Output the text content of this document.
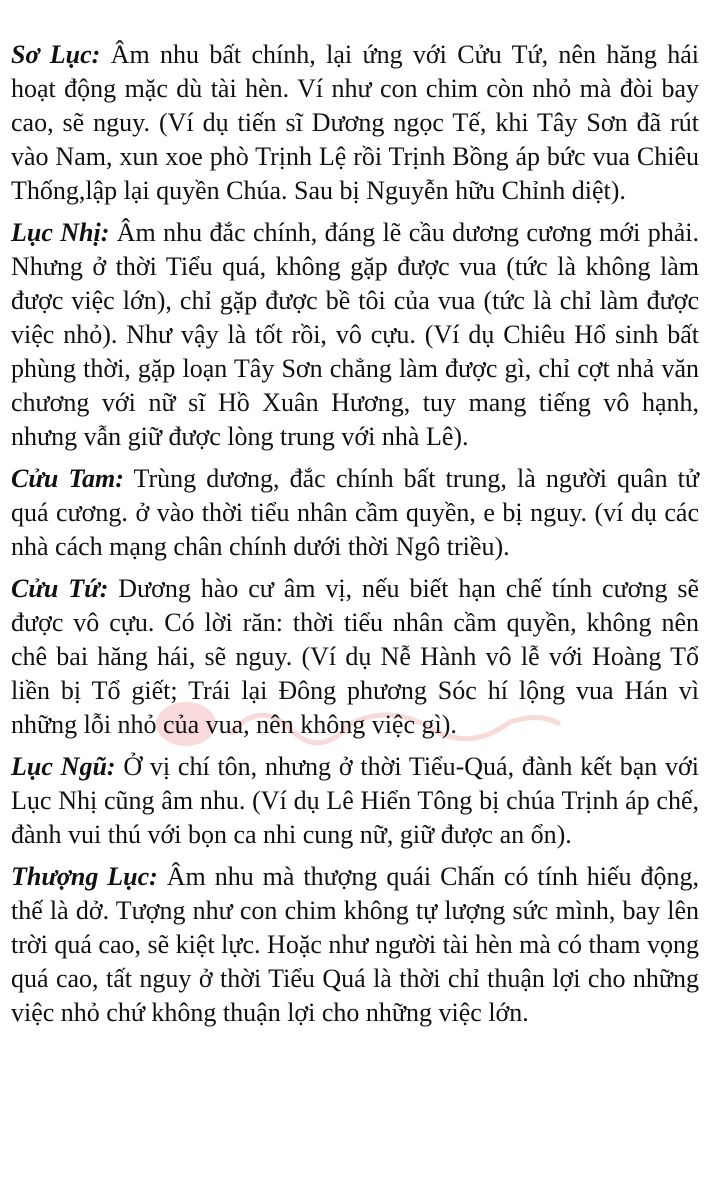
Sơ Lục: Âm nhu bất chính, lại ứng với Cửu Tứ, nên hăng hái hoạt động mặc dù tài hèn. Ví như con chim còn nhỏ mà đòi bay cao, sẽ nguy. (Ví dụ tiến sĩ Dương ngọc Tế, khi Tây Sơn đã rút vào Nam, xun xoe phò Trịnh Lệ rồi Trịnh Bồng áp bức vua Chiêu Thống,lập lại quyền Chúa. Sau bị Nguyễn hữu Chỉnh diệt).

Lục Nhị: Âm nhu đắc chính, đáng lẽ cầu dương cương mới phải. Nhưng ở thời Tiểu quá, không gặp được vua (tức là không làm được việc lớn), chỉ gặp được bề tôi của vua (tức là chỉ làm được việc nhỏ). Như vậy là tốt rồi, vô cựu. (Ví dụ Chiêu Hổ sinh bất phùng thời, gặp loạn Tây Sơn chẳng làm được gì, chỉ cợt nhả văn chương với nữ sĩ Hồ Xuân Hương, tuy mang tiếng vô hạnh, nhưng vẫn giữ được lòng trung với nhà Lê).

Cửu Tam: Trùng dương, đắc chính bất trung, là người quân tử quá cương. ở vào thời tiểu nhân cầm quyền, e bị nguy. (ví dụ các nhà cách mạng chân chính dưới thời Ngô triều).

Cửu Tứ: Dương hào cư âm vị, nếu biết hạn chế tính cương sẽ được vô cựu. Có lời răn: thời tiểu nhân cầm quyền, không nên chê bai hăng hái, sẽ nguy. (Ví dụ Nễ Hành vô lễ với Hoàng Tổ liền bị Tổ giết; Trái lại Đông phương Sóc hí lộng vua Hán vì những lỗi nhỏ của vua, nên không việc gì).

Lục Ngũ: Ở vị chí tôn, nhưng ở thời Tiểu-Quá, đành kết bạn với Lục Nhị cũng âm nhu. (Ví dụ Lê Hiển Tông bị chúa Trịnh áp chế, đành vui thú với bọn ca nhi cung nữ, giữ được an ổn).

Thượng Lục: Âm nhu mà thượng quái Chấn có tính hiếu động, thế là dở. Tượng như con chim không tự lượng sức mình, bay lên trời quá cao, sẽ kiệt lực. Hoặc như người tài hèn mà có tham vọng quá cao, tất nguy ở thời Tiểu Quá là thời chỉ thuận lợi cho những việc nhỏ chứ không thuận lợi cho những việc lớn.
